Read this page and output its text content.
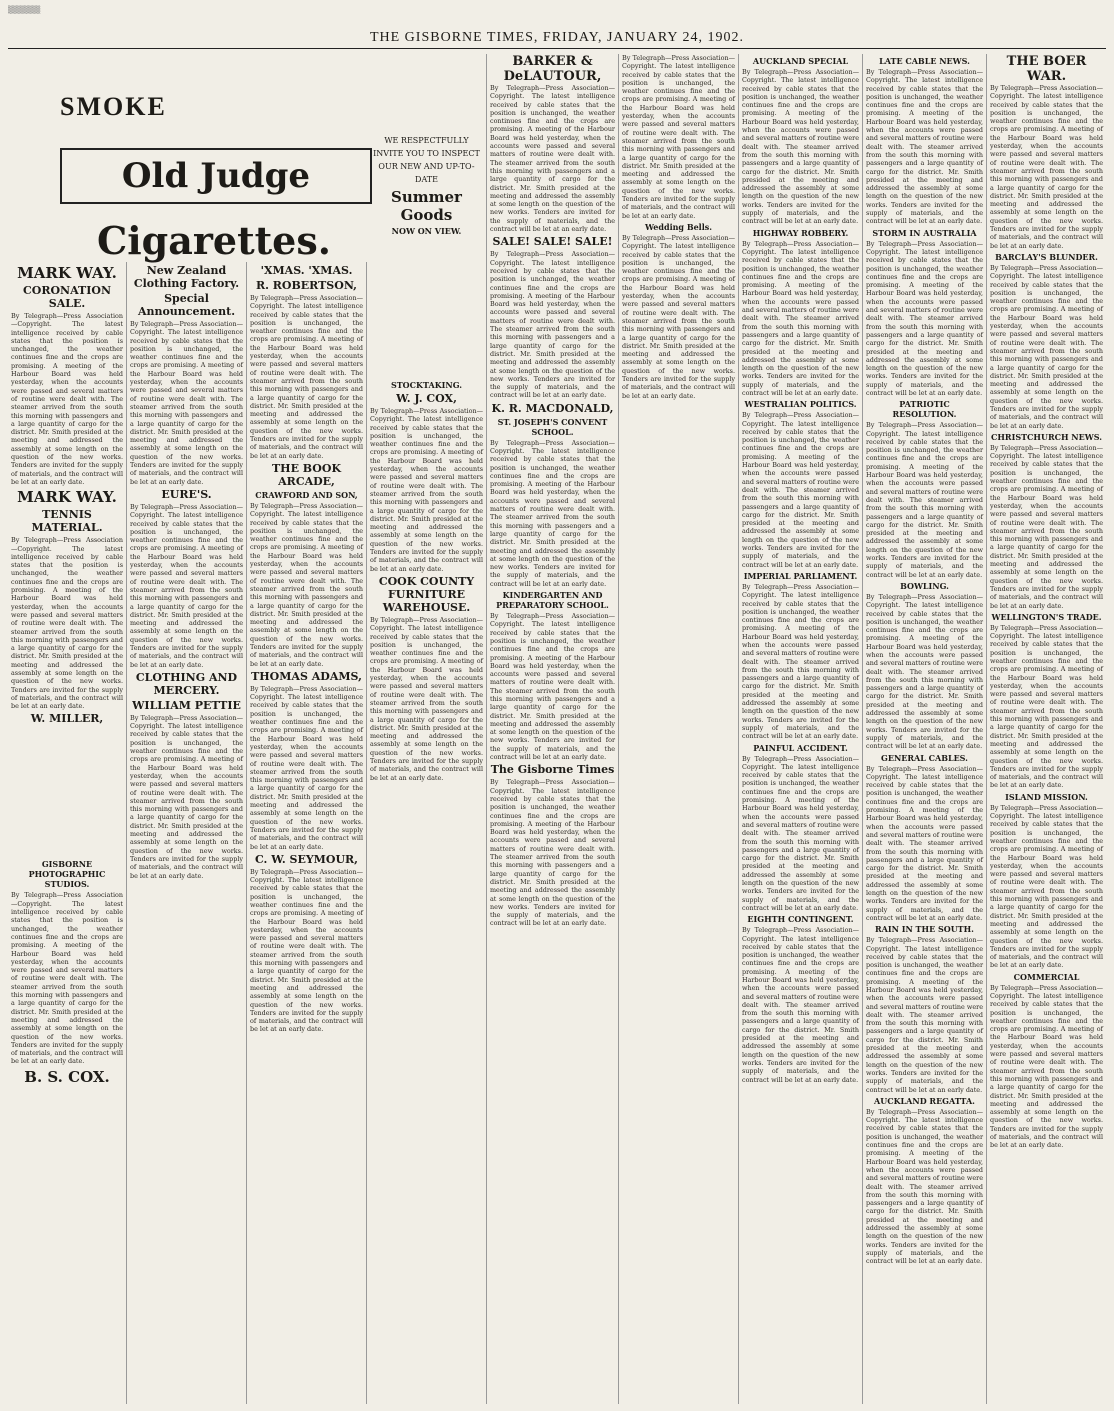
▒▒▒▒▒▒
THE GISBORNE TIMES, FRIDAY, JANUARY 24, 1902.
SMOKE
Old Judge
Cigarettes.
MARK WAY.
CORONATION SALE.

By Telegraph—Press Association—Copyright. The latest intelligence received by cable states that the position is unchanged, the weather continues fine and the crops are promising. A meeting of the Harbour Board was held yesterday, when the accounts were passed and several matters of routine were dealt with. The steamer arrived from the south this morning with passengers and a large quantity of cargo for the district. Mr. Smith presided at the meeting and addressed the assembly at some length on the question of the new works. Tenders are invited for the supply of materials, and the contract will be let at an early date.

MARK WAY.
TENNIS MATERIAL.

By Telegraph—Press Association—Copyright. The latest intelligence received by cable states that the position is unchanged, the weather continues fine and the crops are promising. A meeting of the Harbour Board was held yesterday, when the accounts were passed and several matters of routine were dealt with. The steamer arrived from the south this morning with passengers and a large quantity of cargo for the district. Mr. Smith presided at the meeting and addressed the assembly at some length on the question of the new works. Tenders are invited for the supply of materials, and the contract will be let at an early date.

W. MILLER,
GISBORNE PHOTOGRAPHIC STUDIOS.

By Telegraph—Press Association—Copyright. The latest intelligence received by cable states that the position is unchanged, the weather continues fine and the crops are promising. A meeting of the Harbour Board was held yesterday, when the accounts were passed and several matters of routine were dealt with. The steamer arrived from the south this morning with passengers and a large quantity of cargo for the district. Mr. Smith presided at the meeting and addressed the assembly at some length on the question of the new works. Tenders are invited for the supply of materials, and the contract will be let at an early date.

B. S. COX.
New Zealand Clothing Factory.
Special Announcement.

By Telegraph—Press Association—Copyright. The latest intelligence received by cable states that the position is unchanged, the weather continues fine and the crops are promising. A meeting of the Harbour Board was held yesterday, when the accounts were passed and several matters of routine were dealt with. The steamer arrived from the south this morning with passengers and a large quantity of cargo for the district. Mr. Smith presided at the meeting and addressed the assembly at some length on the question of the new works. Tenders are invited for the supply of materials, and the contract will be let at an early date.

EURE'S.

By Telegraph—Press Association—Copyright. The latest intelligence received by cable states that the position is unchanged, the weather continues fine and the crops are promising. A meeting of the Harbour Board was held yesterday, when the accounts were passed and several matters of routine were dealt with. The steamer arrived from the south this morning with passengers and a large quantity of cargo for the district. Mr. Smith presided at the meeting and addressed the assembly at some length on the question of the new works. Tenders are invited for the supply of materials, and the contract will be let at an early date.

CLOTHING AND MERCERY.
WILLIAM PETTIE

By Telegraph—Press Association—Copyright. The latest intelligence received by cable states that the position is unchanged, the weather continues fine and the crops are promising. A meeting of the Harbour Board was held yesterday, when the accounts were passed and several matters of routine were dealt with. The steamer arrived from the south this morning with passengers and a large quantity of cargo for the district. Mr. Smith presided at the meeting and addressed the assembly at some length on the question of the new works. Tenders are invited for the supply of materials, and the contract will be let at an early date.

'XMAS. 'XMAS.
R. ROBERTSON,

By Telegraph—Press Association—Copyright. The latest intelligence received by cable states that the position is unchanged, the weather continues fine and the crops are promising. A meeting of the Harbour Board was held yesterday, when the accounts were passed and several matters of routine were dealt with. The steamer arrived from the south this morning with passengers and a large quantity of cargo for the district. Mr. Smith presided at the meeting and addressed the assembly at some length on the question of the new works. Tenders are invited for the supply of materials, and the contract will be let at an early date.

THE BOOK ARCADE,
CRAWFORD AND SON,

By Telegraph—Press Association—Copyright. The latest intelligence received by cable states that the position is unchanged, the weather continues fine and the crops are promising. A meeting of the Harbour Board was held yesterday, when the accounts were passed and several matters of routine were dealt with. The steamer arrived from the south this morning with passengers and a large quantity of cargo for the district. Mr. Smith presided at the meeting and addressed the assembly at some length on the question of the new works. Tenders are invited for the supply of materials, and the contract will be let at an early date.

THOMAS ADAMS,

By Telegraph—Press Association—Copyright. The latest intelligence received by cable states that the position is unchanged, the weather continues fine and the crops are promising. A meeting of the Harbour Board was held yesterday, when the accounts were passed and several matters of routine were dealt with. The steamer arrived from the south this morning with passengers and a large quantity of cargo for the district. Mr. Smith presided at the meeting and addressed the assembly at some length on the question of the new works. Tenders are invited for the supply of materials, and the contract will be let at an early date.

C. W. SEYMOUR,

By Telegraph—Press Association—Copyright. The latest intelligence received by cable states that the position is unchanged, the weather continues fine and the crops are promising. A meeting of the Harbour Board was held yesterday, when the accounts were passed and several matters of routine were dealt with. The steamer arrived from the south this morning with passengers and a large quantity of cargo for the district. Mr. Smith presided at the meeting and addressed the assembly at some length on the question of the new works. Tenders are invited for the supply of materials, and the contract will be let at an early date.

WE RESPECTFULLY INVITE YOU TO INSPECT OUR NEW AND UP-TO-DATE
Summer Goods
NOW ON VIEW.
STOCKTAKING.
W. J. COX,

By Telegraph—Press Association—Copyright. The latest intelligence received by cable states that the position is unchanged, the weather continues fine and the crops are promising. A meeting of the Harbour Board was held yesterday, when the accounts were passed and several matters of routine were dealt with. The steamer arrived from the south this morning with passengers and a large quantity of cargo for the district. Mr. Smith presided at the meeting and addressed the assembly at some length on the question of the new works. Tenders are invited for the supply of materials, and the contract will be let at an early date.

COOK COUNTY FURNITURE WAREHOUSE.

By Telegraph—Press Association—Copyright. The latest intelligence received by cable states that the position is unchanged, the weather continues fine and the crops are promising. A meeting of the Harbour Board was held yesterday, when the accounts were passed and several matters of routine were dealt with. The steamer arrived from the south this morning with passengers and a large quantity of cargo for the district. Mr. Smith presided at the meeting and addressed the assembly at some length on the question of the new works. Tenders are invited for the supply of materials, and the contract will be let at an early date.

BARKER & DeLAUTOUR,

By Telegraph—Press Association—Copyright. The latest intelligence received by cable states that the position is unchanged, the weather continues fine and the crops are promising. A meeting of the Harbour Board was held yesterday, when the accounts were passed and several matters of routine were dealt with. The steamer arrived from the south this morning with passengers and a large quantity of cargo for the district. Mr. Smith presided at the meeting and addressed the assembly at some length on the question of the new works. Tenders are invited for the supply of materials, and the contract will be let at an early date.

SALE! SALE! SALE!

By Telegraph—Press Association—Copyright. The latest intelligence received by cable states that the position is unchanged, the weather continues fine and the crops are promising. A meeting of the Harbour Board was held yesterday, when the accounts were passed and several matters of routine were dealt with. The steamer arrived from the south this morning with passengers and a large quantity of cargo for the district. Mr. Smith presided at the meeting and addressed the assembly at some length on the question of the new works. Tenders are invited for the supply of materials, and the contract will be let at an early date.

K. R. MACDONALD,
ST. JOSEPH'S CONVENT SCHOOL.

By Telegraph—Press Association—Copyright. The latest intelligence received by cable states that the position is unchanged, the weather continues fine and the crops are promising. A meeting of the Harbour Board was held yesterday, when the accounts were passed and several matters of routine were dealt with. The steamer arrived from the south this morning with passengers and a large quantity of cargo for the district. Mr. Smith presided at the meeting and addressed the assembly at some length on the question of the new works. Tenders are invited for the supply of materials, and the contract will be let at an early date.

KINDERGARTEN AND PREPARATORY SCHOOL.

By Telegraph—Press Association—Copyright. The latest intelligence received by cable states that the position is unchanged, the weather continues fine and the crops are promising. A meeting of the Harbour Board was held yesterday, when the accounts were passed and several matters of routine were dealt with. The steamer arrived from the south this morning with passengers and a large quantity of cargo for the district. Mr. Smith presided at the meeting and addressed the assembly at some length on the question of the new works. Tenders are invited for the supply of materials, and the contract will be let at an early date.

The Gisborne Times

By Telegraph—Press Association—Copyright. The latest intelligence received by cable states that the position is unchanged, the weather continues fine and the crops are promising. A meeting of the Harbour Board was held yesterday, when the accounts were passed and several matters of routine were dealt with. The steamer arrived from the south this morning with passengers and a large quantity of cargo for the district. Mr. Smith presided at the meeting and addressed the assembly at some length on the question of the new works. Tenders are invited for the supply of materials, and the contract will be let at an early date.

By Telegraph—Press Association—Copyright. The latest intelligence received by cable states that the position is unchanged, the weather continues fine and the crops are promising. A meeting of the Harbour Board was held yesterday, when the accounts were passed and several matters of routine were dealt with. The steamer arrived from the south this morning with passengers and a large quantity of cargo for the district. Mr. Smith presided at the meeting and addressed the assembly at some length on the question of the new works. Tenders are invited for the supply of materials, and the contract will be let at an early date.

Wedding Bells.

By Telegraph—Press Association—Copyright. The latest intelligence received by cable states that the position is unchanged, the weather continues fine and the crops are promising. A meeting of the Harbour Board was held yesterday, when the accounts were passed and several matters of routine were dealt with. The steamer arrived from the south this morning with passengers and a large quantity of cargo for the district. Mr. Smith presided at the meeting and addressed the assembly at some length on the question of the new works. Tenders are invited for the supply of materials, and the contract will be let at an early date.

AUCKLAND SPECIAL

By Telegraph—Press Association—Copyright. The latest intelligence received by cable states that the position is unchanged, the weather continues fine and the crops are promising. A meeting of the Harbour Board was held yesterday, when the accounts were passed and several matters of routine were dealt with. The steamer arrived from the south this morning with passengers and a large quantity of cargo for the district. Mr. Smith presided at the meeting and addressed the assembly at some length on the question of the new works. Tenders are invited for the supply of materials, and the contract will be let at an early date.

HIGHWAY ROBBERY.

By Telegraph—Press Association—Copyright. The latest intelligence received by cable states that the position is unchanged, the weather continues fine and the crops are promising. A meeting of the Harbour Board was held yesterday, when the accounts were passed and several matters of routine were dealt with. The steamer arrived from the south this morning with passengers and a large quantity of cargo for the district. Mr. Smith presided at the meeting and addressed the assembly at some length on the question of the new works. Tenders are invited for the supply of materials, and the contract will be let at an early date.

WESTRALIAN POLITICS.

By Telegraph—Press Association—Copyright. The latest intelligence received by cable states that the position is unchanged, the weather continues fine and the crops are promising. A meeting of the Harbour Board was held yesterday, when the accounts were passed and several matters of routine were dealt with. The steamer arrived from the south this morning with passengers and a large quantity of cargo for the district. Mr. Smith presided at the meeting and addressed the assembly at some length on the question of the new works. Tenders are invited for the supply of materials, and the contract will be let at an early date.

IMPERIAL PARLIAMENT.

By Telegraph—Press Association—Copyright. The latest intelligence received by cable states that the position is unchanged, the weather continues fine and the crops are promising. A meeting of the Harbour Board was held yesterday, when the accounts were passed and several matters of routine were dealt with. The steamer arrived from the south this morning with passengers and a large quantity of cargo for the district. Mr. Smith presided at the meeting and addressed the assembly at some length on the question of the new works. Tenders are invited for the supply of materials, and the contract will be let at an early date.

PAINFUL ACCIDENT.

By Telegraph—Press Association—Copyright. The latest intelligence received by cable states that the position is unchanged, the weather continues fine and the crops are promising. A meeting of the Harbour Board was held yesterday, when the accounts were passed and several matters of routine were dealt with. The steamer arrived from the south this morning with passengers and a large quantity of cargo for the district. Mr. Smith presided at the meeting and addressed the assembly at some length on the question of the new works. Tenders are invited for the supply of materials, and the contract will be let at an early date.

EIGHTH CONTINGENT.

By Telegraph—Press Association—Copyright. The latest intelligence received by cable states that the position is unchanged, the weather continues fine and the crops are promising. A meeting of the Harbour Board was held yesterday, when the accounts were passed and several matters of routine were dealt with. The steamer arrived from the south this morning with passengers and a large quantity of cargo for the district. Mr. Smith presided at the meeting and addressed the assembly at some length on the question of the new works. Tenders are invited for the supply of materials, and the contract will be let at an early date.

LATE CABLE NEWS.

By Telegraph—Press Association—Copyright. The latest intelligence received by cable states that the position is unchanged, the weather continues fine and the crops are promising. A meeting of the Harbour Board was held yesterday, when the accounts were passed and several matters of routine were dealt with. The steamer arrived from the south this morning with passengers and a large quantity of cargo for the district. Mr. Smith presided at the meeting and addressed the assembly at some length on the question of the new works. Tenders are invited for the supply of materials, and the contract will be let at an early date.

STORM IN AUSTRALIA

By Telegraph—Press Association—Copyright. The latest intelligence received by cable states that the position is unchanged, the weather continues fine and the crops are promising. A meeting of the Harbour Board was held yesterday, when the accounts were passed and several matters of routine were dealt with. The steamer arrived from the south this morning with passengers and a large quantity of cargo for the district. Mr. Smith presided at the meeting and addressed the assembly at some length on the question of the new works. Tenders are invited for the supply of materials, and the contract will be let at an early date.

PATRIOTIC RESOLUTION.

By Telegraph—Press Association—Copyright. The latest intelligence received by cable states that the position is unchanged, the weather continues fine and the crops are promising. A meeting of the Harbour Board was held yesterday, when the accounts were passed and several matters of routine were dealt with. The steamer arrived from the south this morning with passengers and a large quantity of cargo for the district. Mr. Smith presided at the meeting and addressed the assembly at some length on the question of the new works. Tenders are invited for the supply of materials, and the contract will be let at an early date.

BOWLING.

By Telegraph—Press Association—Copyright. The latest intelligence received by cable states that the position is unchanged, the weather continues fine and the crops are promising. A meeting of the Harbour Board was held yesterday, when the accounts were passed and several matters of routine were dealt with. The steamer arrived from the south this morning with passengers and a large quantity of cargo for the district. Mr. Smith presided at the meeting and addressed the assembly at some length on the question of the new works. Tenders are invited for the supply of materials, and the contract will be let at an early date.

GENERAL CABLES.

By Telegraph—Press Association—Copyright. The latest intelligence received by cable states that the position is unchanged, the weather continues fine and the crops are promising. A meeting of the Harbour Board was held yesterday, when the accounts were passed and several matters of routine were dealt with. The steamer arrived from the south this morning with passengers and a large quantity of cargo for the district. Mr. Smith presided at the meeting and addressed the assembly at some length on the question of the new works. Tenders are invited for the supply of materials, and the contract will be let at an early date.

RAIN IN THE SOUTH.

By Telegraph—Press Association—Copyright. The latest intelligence received by cable states that the position is unchanged, the weather continues fine and the crops are promising. A meeting of the Harbour Board was held yesterday, when the accounts were passed and several matters of routine were dealt with. The steamer arrived from the south this morning with passengers and a large quantity of cargo for the district. Mr. Smith presided at the meeting and addressed the assembly at some length on the question of the new works. Tenders are invited for the supply of materials, and the contract will be let at an early date.

AUCKLAND REGATTA.

By Telegraph—Press Association—Copyright. The latest intelligence received by cable states that the position is unchanged, the weather continues fine and the crops are promising. A meeting of the Harbour Board was held yesterday, when the accounts were passed and several matters of routine were dealt with. The steamer arrived from the south this morning with passengers and a large quantity of cargo for the district. Mr. Smith presided at the meeting and addressed the assembly at some length on the question of the new works. Tenders are invited for the supply of materials, and the contract will be let at an early date.

THE BOER WAR.

By Telegraph—Press Association—Copyright. The latest intelligence received by cable states that the position is unchanged, the weather continues fine and the crops are promising. A meeting of the Harbour Board was held yesterday, when the accounts were passed and several matters of routine were dealt with. The steamer arrived from the south this morning with passengers and a large quantity of cargo for the district. Mr. Smith presided at the meeting and addressed the assembly at some length on the question of the new works. Tenders are invited for the supply of materials, and the contract will be let at an early date.

BARCLAY'S BLUNDER.

By Telegraph—Press Association—Copyright. The latest intelligence received by cable states that the position is unchanged, the weather continues fine and the crops are promising. A meeting of the Harbour Board was held yesterday, when the accounts were passed and several matters of routine were dealt with. The steamer arrived from the south this morning with passengers and a large quantity of cargo for the district. Mr. Smith presided at the meeting and addressed the assembly at some length on the question of the new works. Tenders are invited for the supply of materials, and the contract will be let at an early date.

CHRISTCHURCH NEWS.

By Telegraph—Press Association—Copyright. The latest intelligence received by cable states that the position is unchanged, the weather continues fine and the crops are promising. A meeting of the Harbour Board was held yesterday, when the accounts were passed and several matters of routine were dealt with. The steamer arrived from the south this morning with passengers and a large quantity of cargo for the district. Mr. Smith presided at the meeting and addressed the assembly at some length on the question of the new works. Tenders are invited for the supply of materials, and the contract will be let at an early date.

WELLINGTON'S TRADE.

By Telegraph—Press Association—Copyright. The latest intelligence received by cable states that the position is unchanged, the weather continues fine and the crops are promising. A meeting of the Harbour Board was held yesterday, when the accounts were passed and several matters of routine were dealt with. The steamer arrived from the south this morning with passengers and a large quantity of cargo for the district. Mr. Smith presided at the meeting and addressed the assembly at some length on the question of the new works. Tenders are invited for the supply of materials, and the contract will be let at an early date.

ISLAND MISSION.

By Telegraph—Press Association—Copyright. The latest intelligence received by cable states that the position is unchanged, the weather continues fine and the crops are promising. A meeting of the Harbour Board was held yesterday, when the accounts were passed and several matters of routine were dealt with. The steamer arrived from the south this morning with passengers and a large quantity of cargo for the district. Mr. Smith presided at the meeting and addressed the assembly at some length on the question of the new works. Tenders are invited for the supply of materials, and the contract will be let at an early date.

COMMERCIAL

By Telegraph—Press Association—Copyright. The latest intelligence received by cable states that the position is unchanged, the weather continues fine and the crops are promising. A meeting of the Harbour Board was held yesterday, when the accounts were passed and several matters of routine were dealt with. The steamer arrived from the south this morning with passengers and a large quantity of cargo for the district. Mr. Smith presided at the meeting and addressed the assembly at some length on the question of the new works. Tenders are invited for the supply of materials, and the contract will be let at an early date.
